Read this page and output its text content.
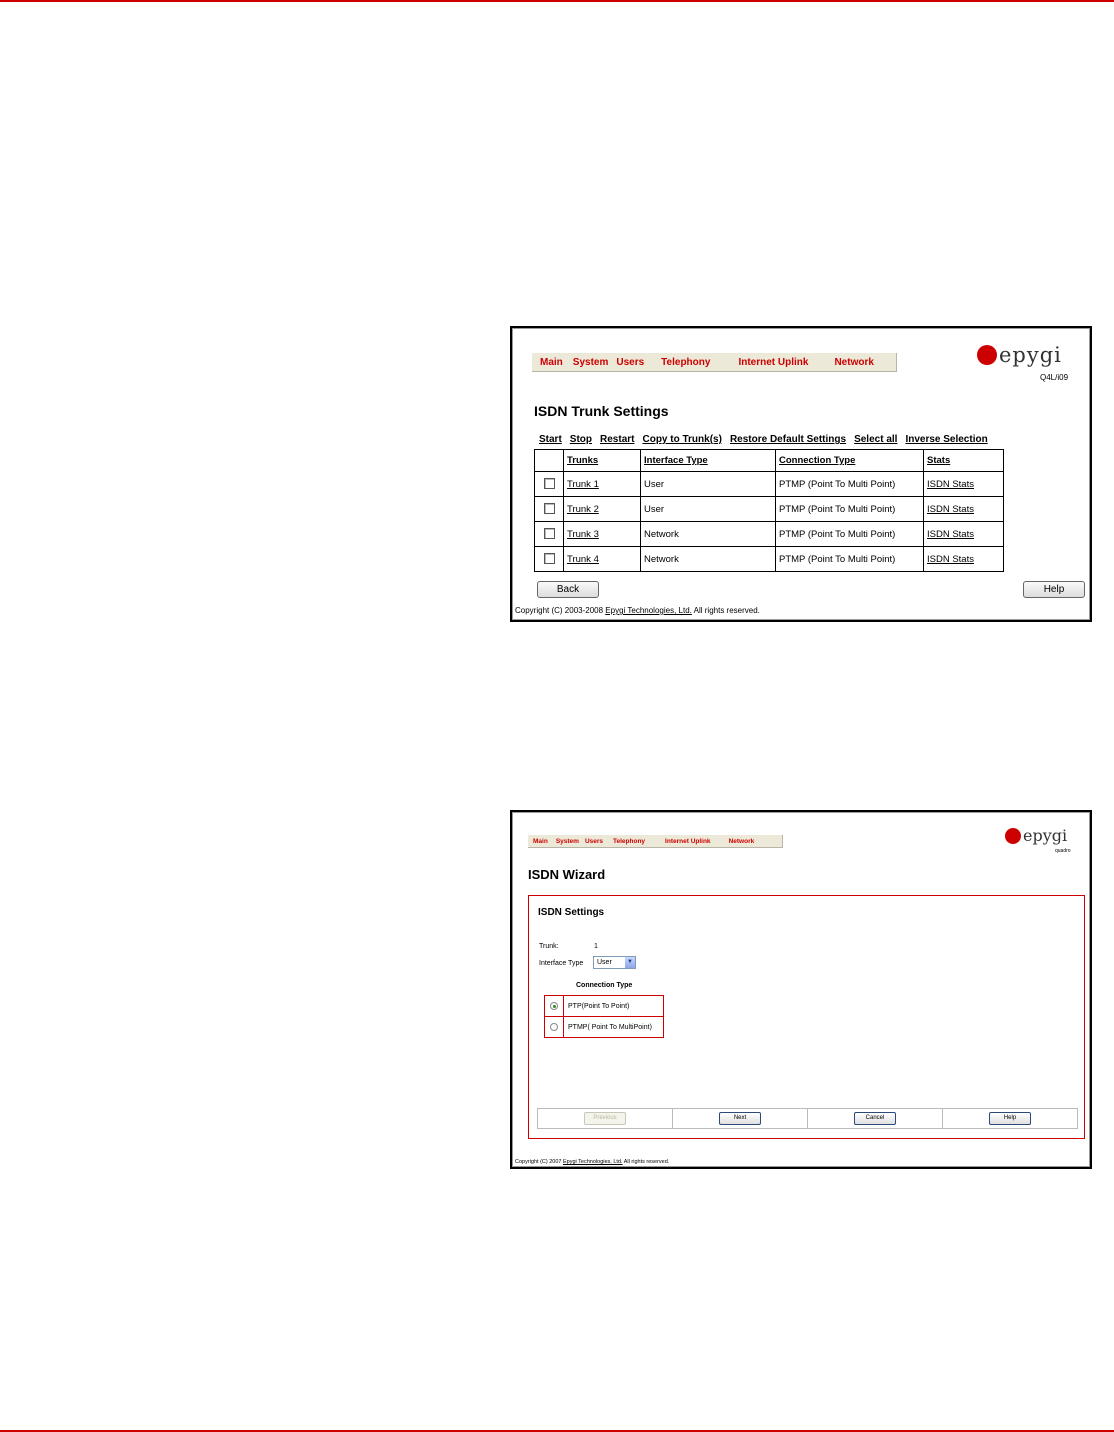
Main System Users Telephony	Internet Uplink	Network	epygi
Q4L/i09
ISDN Trunk Settings
Start Stop Restart Copy to Trunk(s) Restore Default Settings Select all Inverse Selection
	Trunks	Interface Type	Connection Type	Stats
	Trunk 1	User	PTMP (Point To Multi Point)	ISDN Stats
	Trunk 2	User	PTMP (Point To Multi Point)	ISDN Stats
	Trunk 3	Network	PTMP (Point To Multi Point)	ISDN Stats
	Trunk 4	Network	PTMP (Point To Multi Point)	ISDN Stats
Back	Help
Copyright (C) 2003-2008 Epygi Technologies, Ltd. All rights reserved.
Main System Users Telephony	Internet Uplink	Network	epygi
quadro
ISDN Wizard
ISDN Settings
Trunk:	1
Interface Type User	▼
Connection Type
	PTP(Point To Point)
	PTMP( Point To MultiPoint)
Previous	Next	Cancel	Help
Copyright (C) 2007 Epygi Technologies, Ltd. All rights reserved.
